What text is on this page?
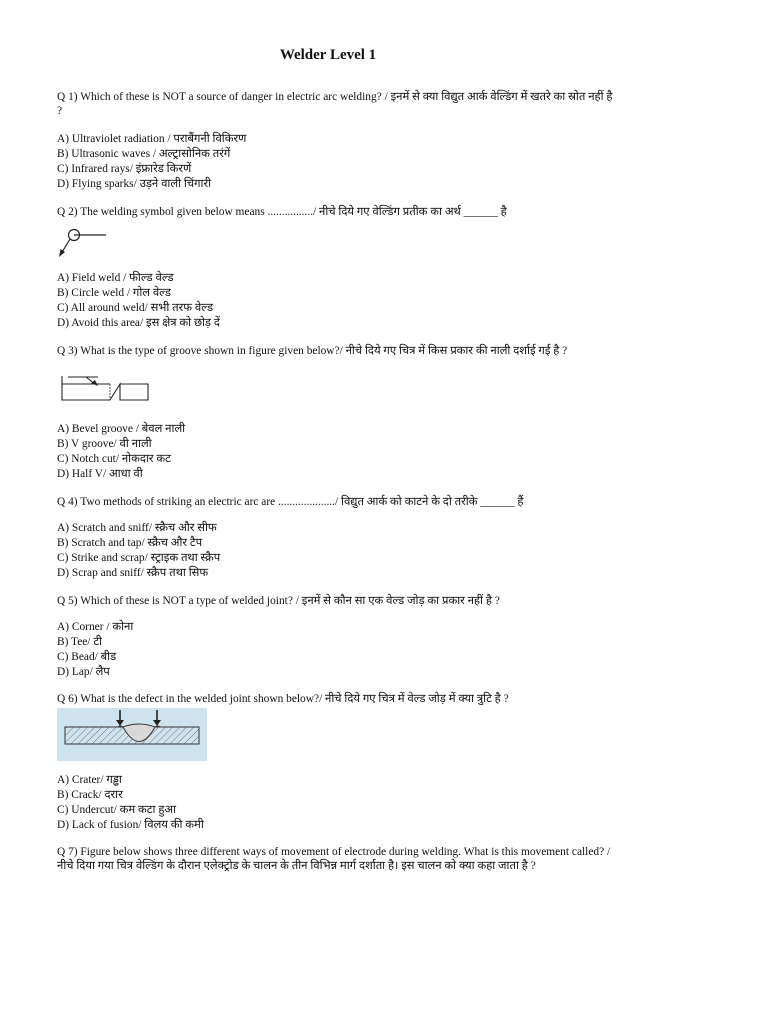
Welder Level 1
Q 1) Which of these is NOT a source of danger in electric arc welding? / इनमें से क्या विद्युत आर्क वेल्डिंग में खतरे का स्रोत नहीं है ?
A) Ultraviolet radiation / पराबैंगनी विकिरण
B) Ultrasonic waves / अल्ट्रासोनिक तरंगें
C) Infrared rays/ इंफ्रारेड किरणें
D) Flying sparks/ उड़ने वाली चिंगारी
Q 2) The welding symbol given below means ................/ नीचे दिये गए वेल्डिंग प्रतीक का अर्थ ______ है
A) Field weld / फील्ड वेल्ड
B) Circle weld / गोल वेल्ड
C) All around weld/ सभी तरफ वेल्ड
D) Avoid this area/ इस क्षेत्र को छोड़ दें
Q 3) What is the type of groove shown in figure given below?/ नीचे दिये गए चित्र में किस प्रकार की नाली दर्शाई गई है ?
A) Bevel groove / बेवल नाली
B) V groove/ वी नाली
C) Notch cut/ नोकदार कट
D) Half V/ आधा वी
Q 4) Two methods of striking an electric arc are ..................../ विद्युत आर्क को काटने के दो तरीके ______ हैं
A) Scratch and sniff/ स्क्रैच और सीफ
B) Scratch and tap/ स्क्रैच और टैप
C) Strike and scrap/ स्ट्राइक तथा स्क्रैप
D) Scrap and sniff/ स्क्रैप तथा सिफ
Q 5) Which of these is NOT a type of welded joint? / इनमें से कौन सा एक वेल्ड जोड़ का प्रकार नहीं है ?
A) Corner / कोना
B) Tee/ टी
C) Bead/ बीड
D) Lap/ लैप
Q 6) What is the defect in the welded joint shown below?/ नीचे दिये गए चित्र में वेल्ड जोड़ में क्या त्रुटि है ?
A) Crater/ गड्ढा
B) Crack/ दरार
C) Undercut/ कम कटा हुआ
D) Lack of fusion/ विलय की कमी
Q 7) Figure below shows three different ways of movement of electrode during welding. What is this movement called? / नीचे दिया गया चित्र वेल्डिंग के दौरान एलेक्ट्रोड के चालन के तीन विभिन्न मार्ग दर्शाता है। इस चालन को क्या कहा जाता है ?
